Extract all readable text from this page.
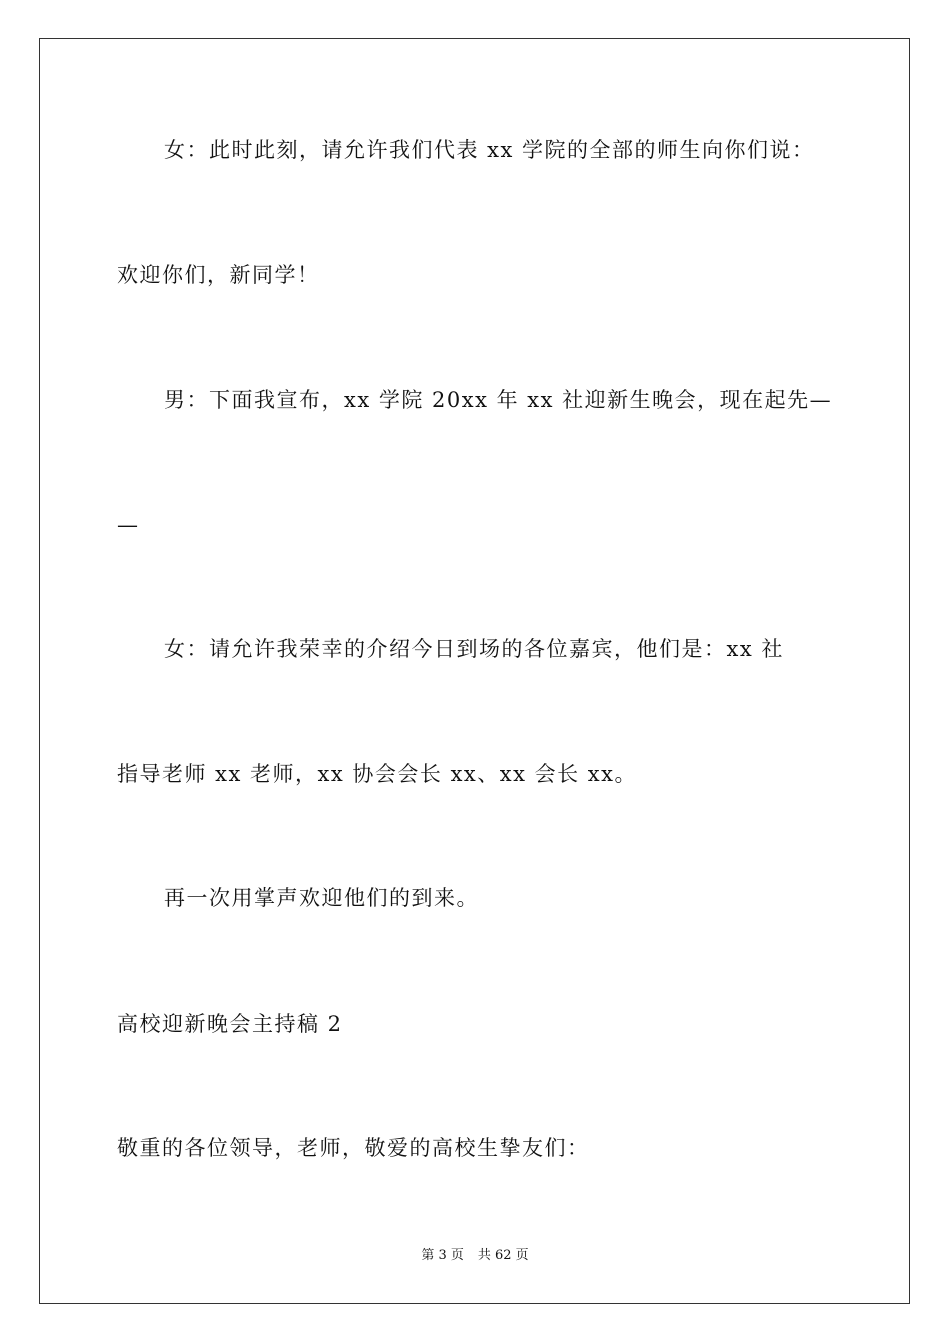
女：此时此刻，请允许我们代表 xx 学院的全部的师生向你们说：
欢迎你们，新同学！
男：下面我宣布，xx 学院 20xx 年 xx 社迎新生晚会，现在起先—
—
女：请允许我荣幸的介绍今日到场的各位嘉宾，他们是：xx 社
指导老师 xx 老师，xx 协会会长 xx、xx 会长 xx。
再一次用掌声欢迎他们的到来。
高校迎新晚会主持稿 2
敬重的各位领导，老师，敬爱的高校生挚友们：
第 3 页 共 62 页
